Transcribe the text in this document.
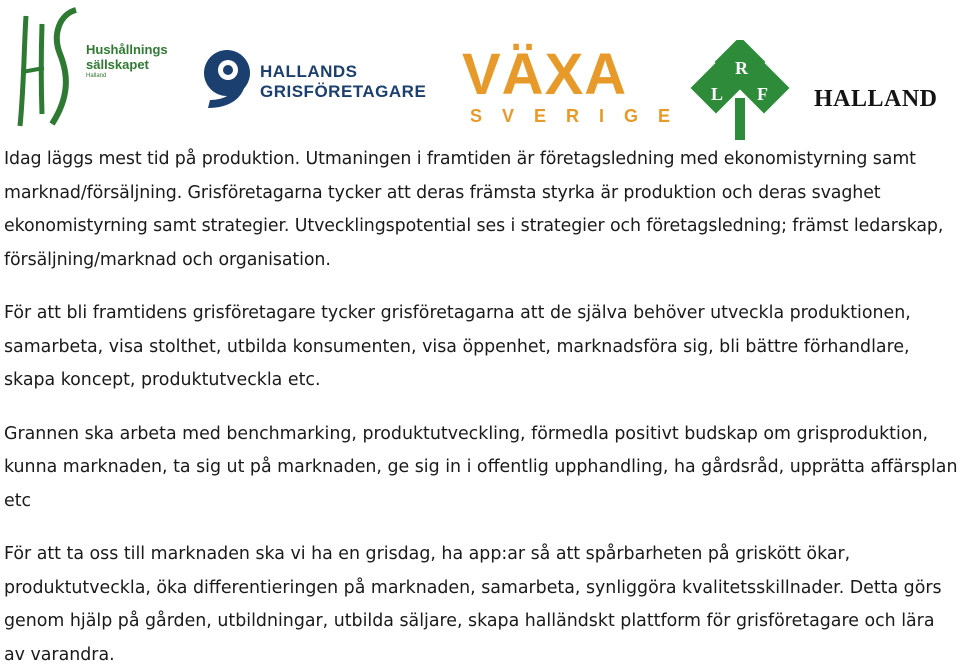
Hushållnings
sällskapet
Halland	HALLANDS
GRISFÖRETAGARE VÄXA
SVERIGE
L
R
F HALLAND

Idag läggs mest tid på produktion. Utmaningen i framtiden är företagsledning med ekonomistyrning samt marknad/försäljning. Grisföretagarna tycker att deras främsta styrka är produktion och deras svaghet ekonomistyrning samt strategier. Utvecklingspotential ses i strategier och företagsledning; främst ledarskap, försäljning/marknad och organisation.

För att bli framtidens grisföretagare tycker grisföretagarna att de själva behöver utveckla produktionen, samarbeta, visa stolthet, utbilda konsumenten, visa öppenhet, marknadsföra sig, bli bättre förhandlare, skapa koncept, produktutveckla etc.

Grannen ska arbeta med benchmarking, produktutveckling, förmedla positivt budskap om grisproduktion, kunna marknaden, ta sig ut på marknaden, ge sig in i offentlig upphandling, ha gårdsråd, upprätta affärsplan etc

För att ta oss till marknaden ska vi ha en grisdag, ha app:ar så att spårbarheten på griskött ökar, produktutveckla, öka differentieringen på marknaden, samarbeta, synliggöra kvalitetsskillnader. Detta görs genom hjälp på gården, utbildningar, utbilda säljare, skapa halländskt plattform för grisföretagare och lära av varandra.
